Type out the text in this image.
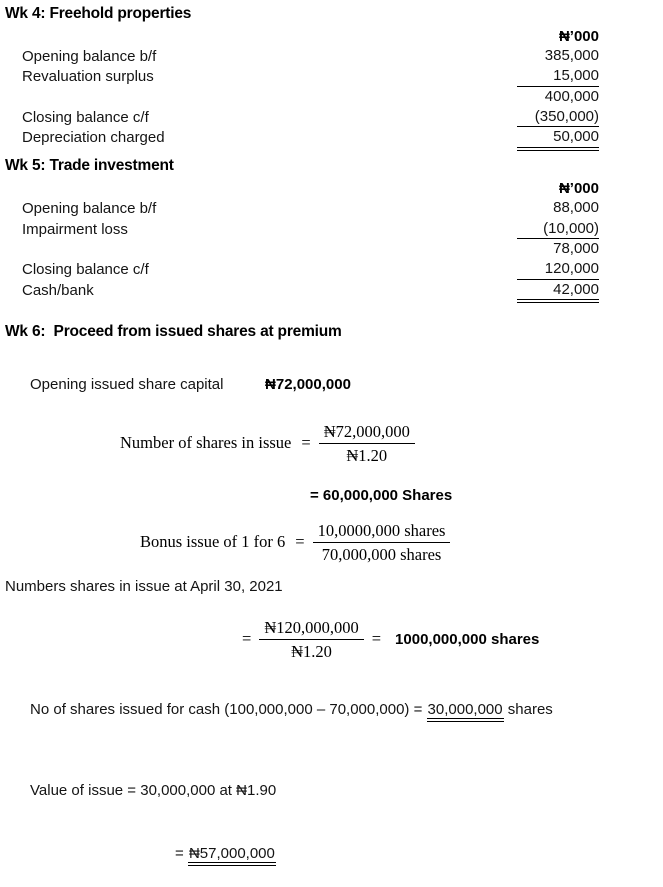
Wk 4: Freehold properties
₦’000
Opening balance b/f	385,000
Revaluation surplus	15,000
400,000
Closing balance c/f	(350,000)
Depreciation charged	50,000
Wk 5: Trade investment
₦’000
Opening balance b/f	88,000
Impairment loss	(10,000)
78,000
Closing balance c/f	120,000
Cash/bank	42,000
Wk 6:  Proceed from issued shares at premium

Opening issued share capital	₦72,000,000

Number of shares in issue = $\frac{₦72,000,000}{₦1.20}$
= 60,000,000 Shares
Bonus issue of 1 for $6 = \frac{\text{10,0000,000 shares}}{\text{70,000,000 shares}}$
Numbers shares in issue at April 30, 2021
= $\frac{₦120,000,000}{₦1.20} = 1000,000,000$ shares

No of shares issued for cash (100,000,000 – 70,000,000) = 30,000,000 shares

Value of issue = 30,000,000 at ₦1.90

= ₦57,000,000
